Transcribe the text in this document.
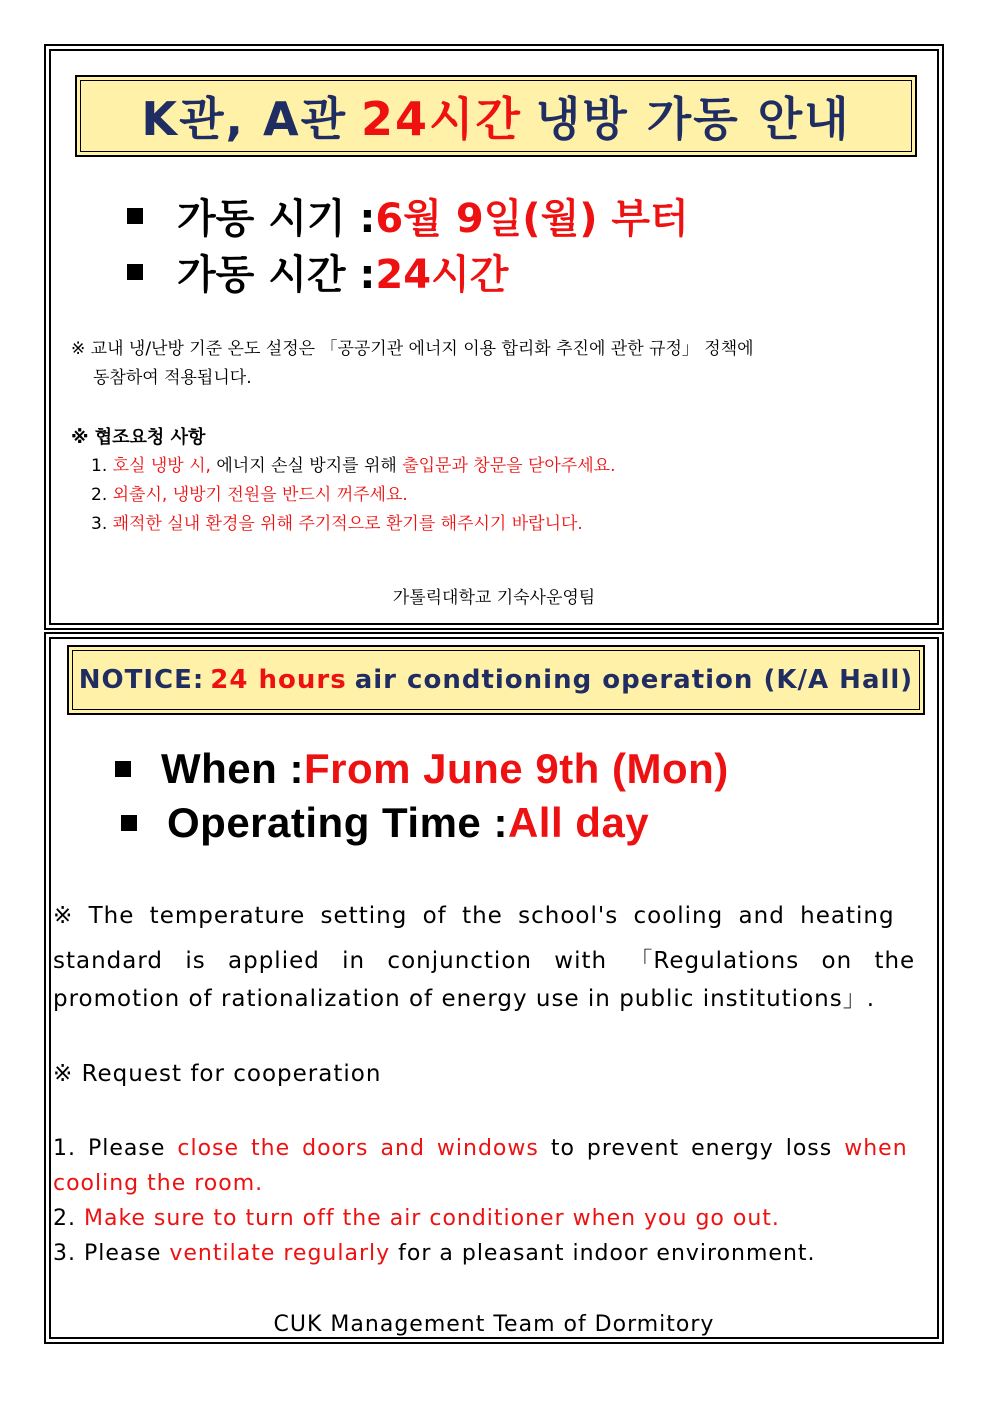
K관, A관 24시간 냉방 가동 안내
가동 시기 : 6월 9일(월) 부터
가동 시간 : 24시간
※ 교내 냉/난방 기준 온도 설정은 「공공기관 에너지 이용 합리화 추진에 관한 규정」 정책에
동참하여 적용됩니다.
※ 협조요청 사항
1. 호실 냉방 시, 에너지 손실 방지를 위해 출입문과 창문을 닫아주세요.
2. 외출시, 냉방기 전원을 반드시 꺼주세요.
3. 쾌적한 실내 환경을 위해 주기적으로 환기를 해주시기 바랍니다.
가톨릭대학교 기숙사운영팀
NOTICE: 24 hours air condtioning operation (K/A Hall)
When : From June 9th (Mon)
Operating Time : All day
※ The temperature setting of the school's cooling and heating
standard is applied in conjunction with 「Regulations on the
promotion of rationalization of energy use in public institutions」.
※ Request for cooperation
1. Please close the doors and windows to prevent energy loss when
cooling the room.
2. Make sure to turn off the air conditioner when you go out.
3. Please ventilate regularly for a pleasant indoor environment.
CUK Management Team of Dormitory
